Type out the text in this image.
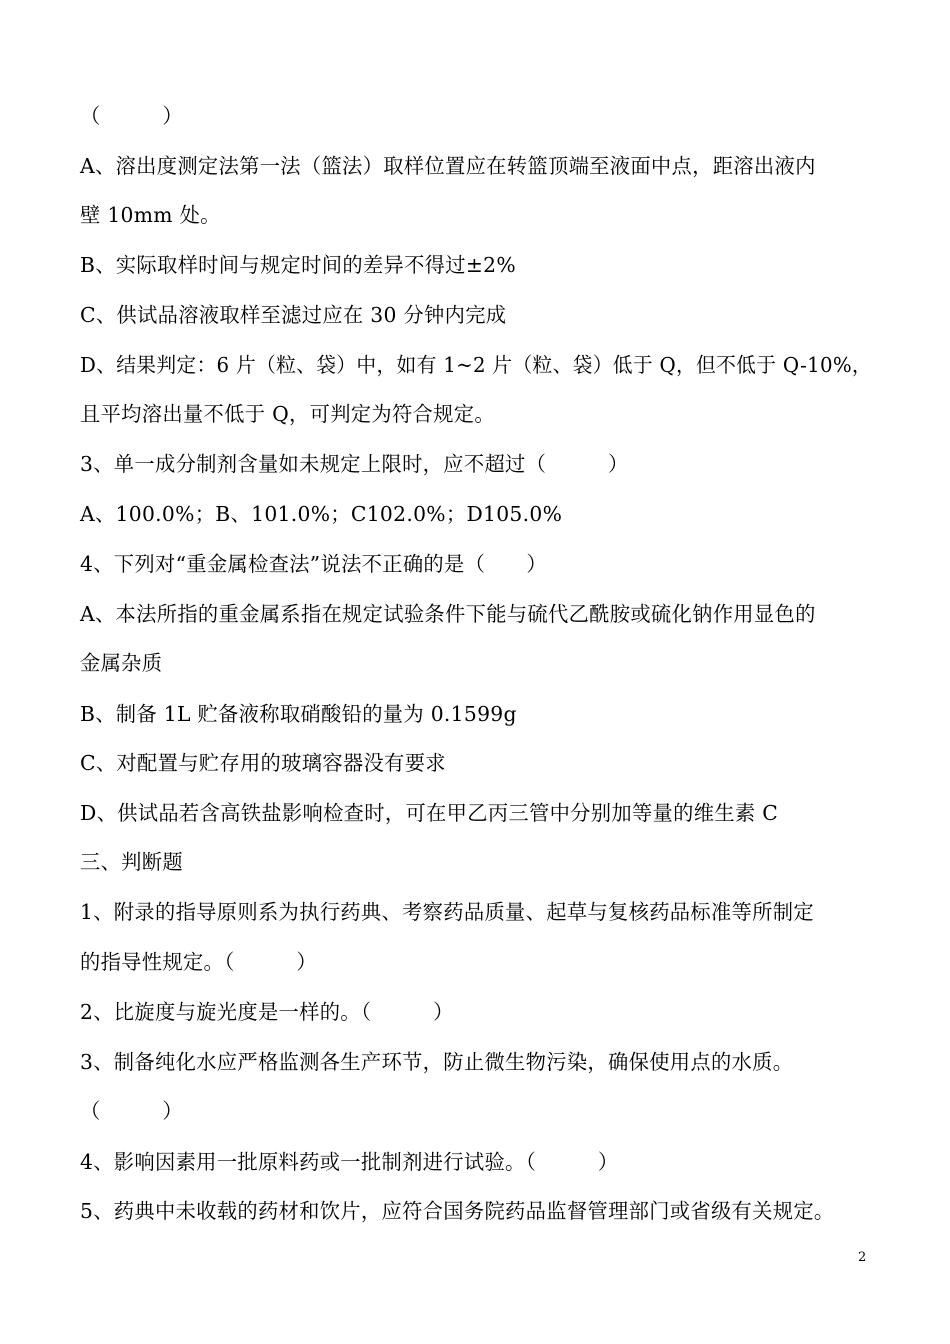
（　　　）
A、溶出度测定法第一法（篮法）取样位置应在转篮顶端至液面中点，距溶出液内
壁 10mm 处。
B、实际取样时间与规定时间的差异不得过±2%
C、供试品溶液取样至滤过应在 30 分钟内完成
D、结果判定：6 片（粒、袋）中，如有 1~2 片（粒、袋）低于 Q，但不低于 Q-10%，
且平均溶出量不低于 Q，可判定为符合规定。
3、单一成分制剂含量如未规定上限时，应不超过（　　　）
A、100.0%；B、101.0%；C102.0%；D105.0%
4、下列对“重金属检查法”说法不正确的是（　　）
A、本法所指的重金属系指在规定试验条件下能与硫代乙酰胺或硫化钠作用显色的
金属杂质
B、制备 1L 贮备液称取硝酸铅的量为 0.1599g
C、对配置与贮存用的玻璃容器没有要求
D、供试品若含高铁盐影响检查时，可在甲乙丙三管中分别加等量的维生素 C
三、判断题
1、附录的指导原则系为执行药典、考察药品质量、起草与复核药品标准等所制定
的指导性规定。（　　　）
2、比旋度与旋光度是一样的。（　　　）
3、制备纯化水应严格监测各生产环节，防止微生物污染，确保使用点的水质。
（　　　）
4、影响因素用一批原料药或一批制剂进行试验。（　　　）
5、药典中未收载的药材和饮片，应符合国务院药品监督管理部门或省级有关规定。
2
